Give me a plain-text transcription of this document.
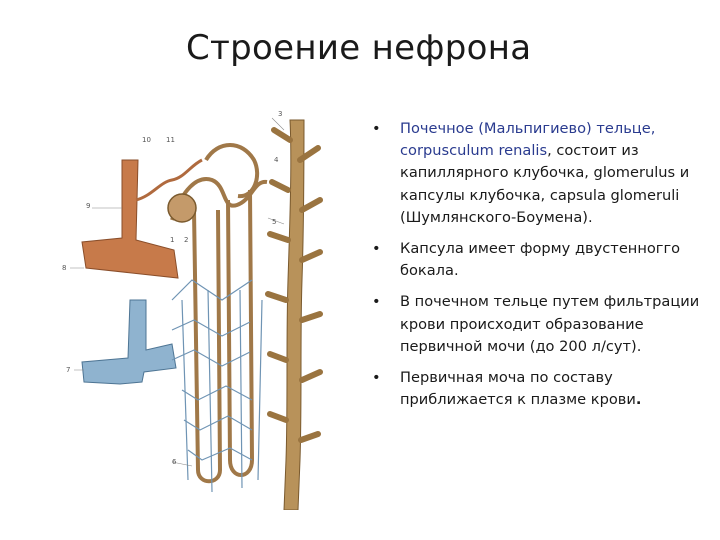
Строение нефрона
10 11
3
4
5
9
1 2
8
7
6
• Почечное (Мальпигиево) тельце, corpusculum renalis, состоит из капиллярного клубочка, glomerulus и капсулы клубочка, capsula glomeruli (Шумлянского-Боумена).
• Капсула имеет форму двустенногго бокала.
• В почечном тельце путем фильтрации крови происходит образование первичной мочи (до 200 л/сут).
• Первичная моча по составу приближается к плазме крови.
